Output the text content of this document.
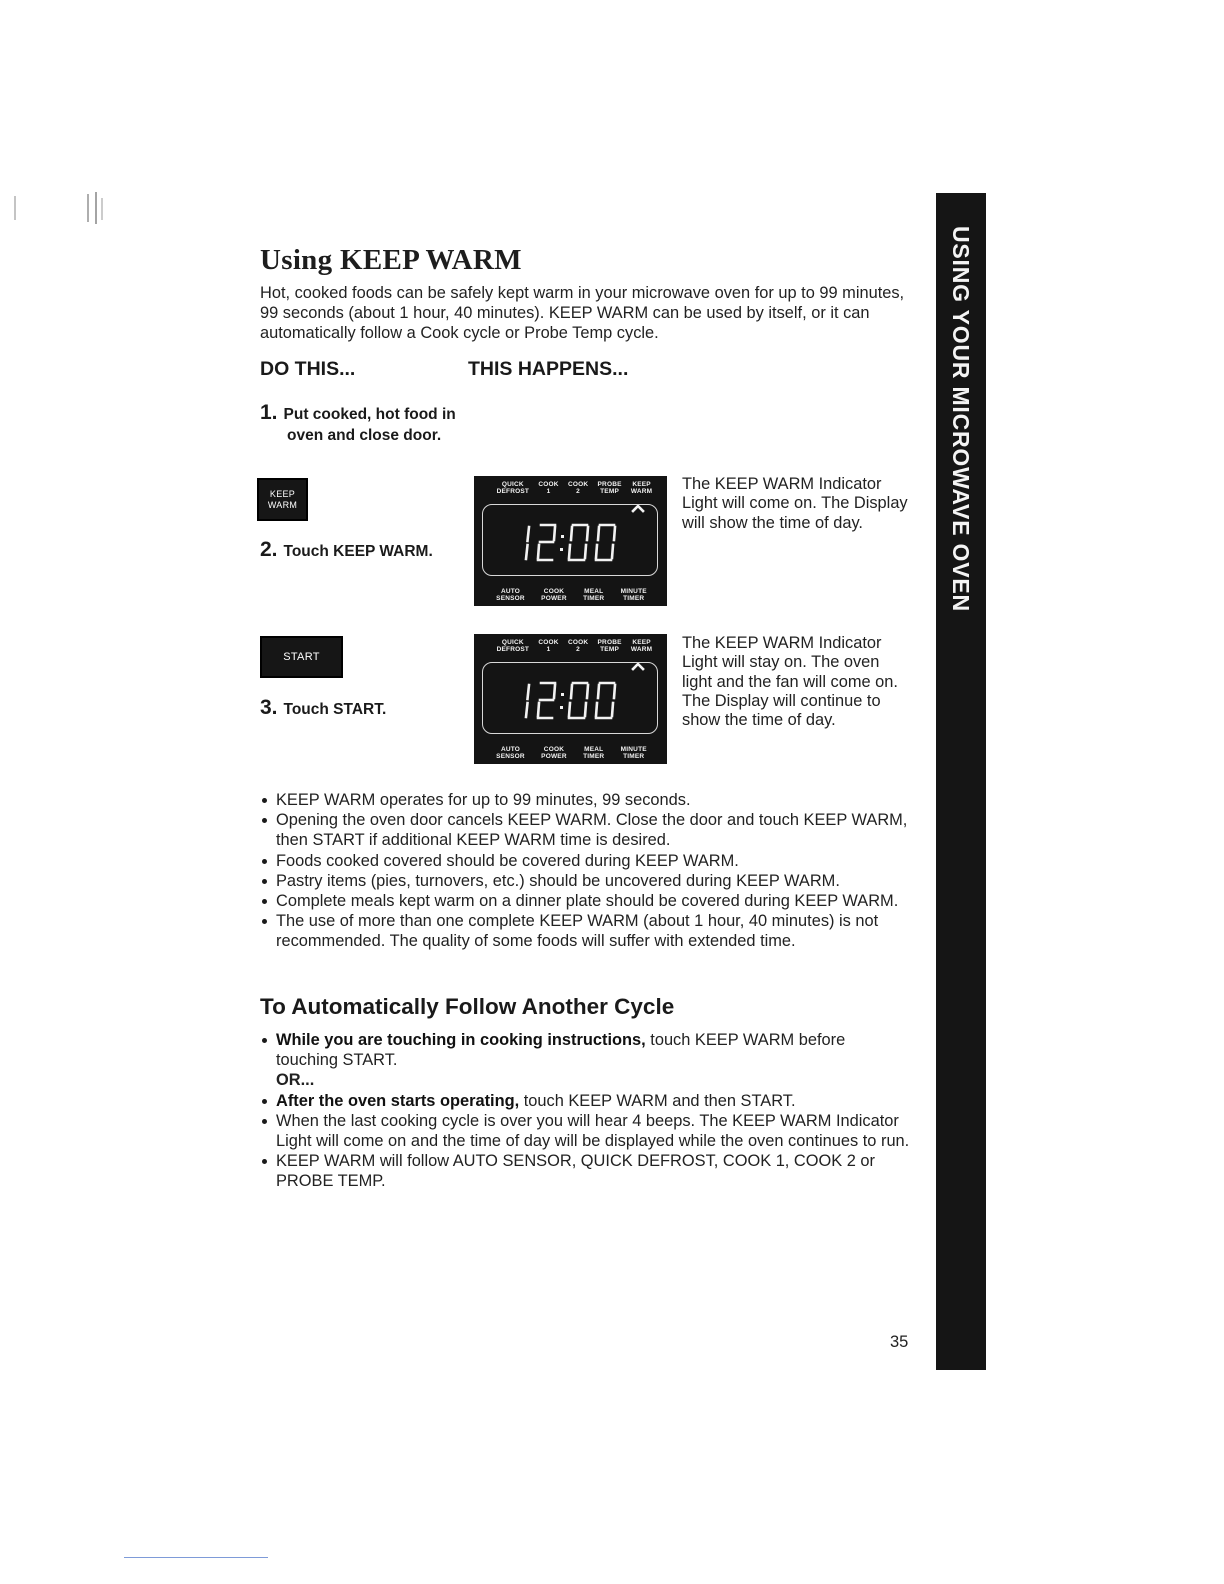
Using KEEP WARM

Hot, cooked foods can be safely kept warm in your microwave oven for up to 99 minutes, 99 seconds (about 1 hour, 40 minutes). KEEP WARM can be used by itself, or it can automatically follow a Cook cycle or Probe Temp cycle.

DO THIS...	THIS HAPPENS...
1. Put cooked, hot food in
oven and close door.
KEEP
WARM
2. Touch KEEP WARM.
QUICK
DEFROST
COOK
1
COOK
2
PROBE
TEMP
KEEP
WARM
AUTO
SENSOR
COOK
POWER
MEAL
TIMER
MINUTE
TIMER

The KEEP WARM Indicator Light will come on. The Display will show the time of day.

START
3. Touch START.
QUICK
DEFROST
COOK
1
COOK
2
PROBE
TEMP
KEEP
WARM
AUTO
SENSOR
COOK
POWER
MEAL
TIMER
MINUTE
TIMER

The KEEP WARM Indicator Light will stay on. The oven light and the fan will come on. The Display will continue to show the time of day.

KEEP WARM operates for up to 99 minutes, 99 seconds.
Opening the oven door cancels KEEP WARM. Close the door and touch KEEP WARM, then START if additional KEEP WARM time is desired.
Foods cooked covered should be covered during KEEP WARM.
Pastry items (pies, turnovers, etc.) should be uncovered during KEEP WARM.
Complete meals kept warm on a dinner plate should be covered during KEEP WARM.
The use of more than one complete KEEP WARM (about 1 hour, 40 minutes) is not recommended. The quality of some foods will suffer with extended time.
To Automatically Follow Another Cycle
While you are touching in cooking instructions, touch KEEP WARM before touching START.
OR...
After the oven starts operating, touch KEEP WARM and then START.
When the last cooking cycle is over you will hear 4 beeps. The KEEP WARM Indicator Light will come on and the time of day will be displayed while the oven continues to run.
KEEP WARM will follow AUTO SENSOR, QUICK DEFROST, COOK 1, COOK 2 or PROBE TEMP.
USING YOUR MICROWAVE OVEN
35
